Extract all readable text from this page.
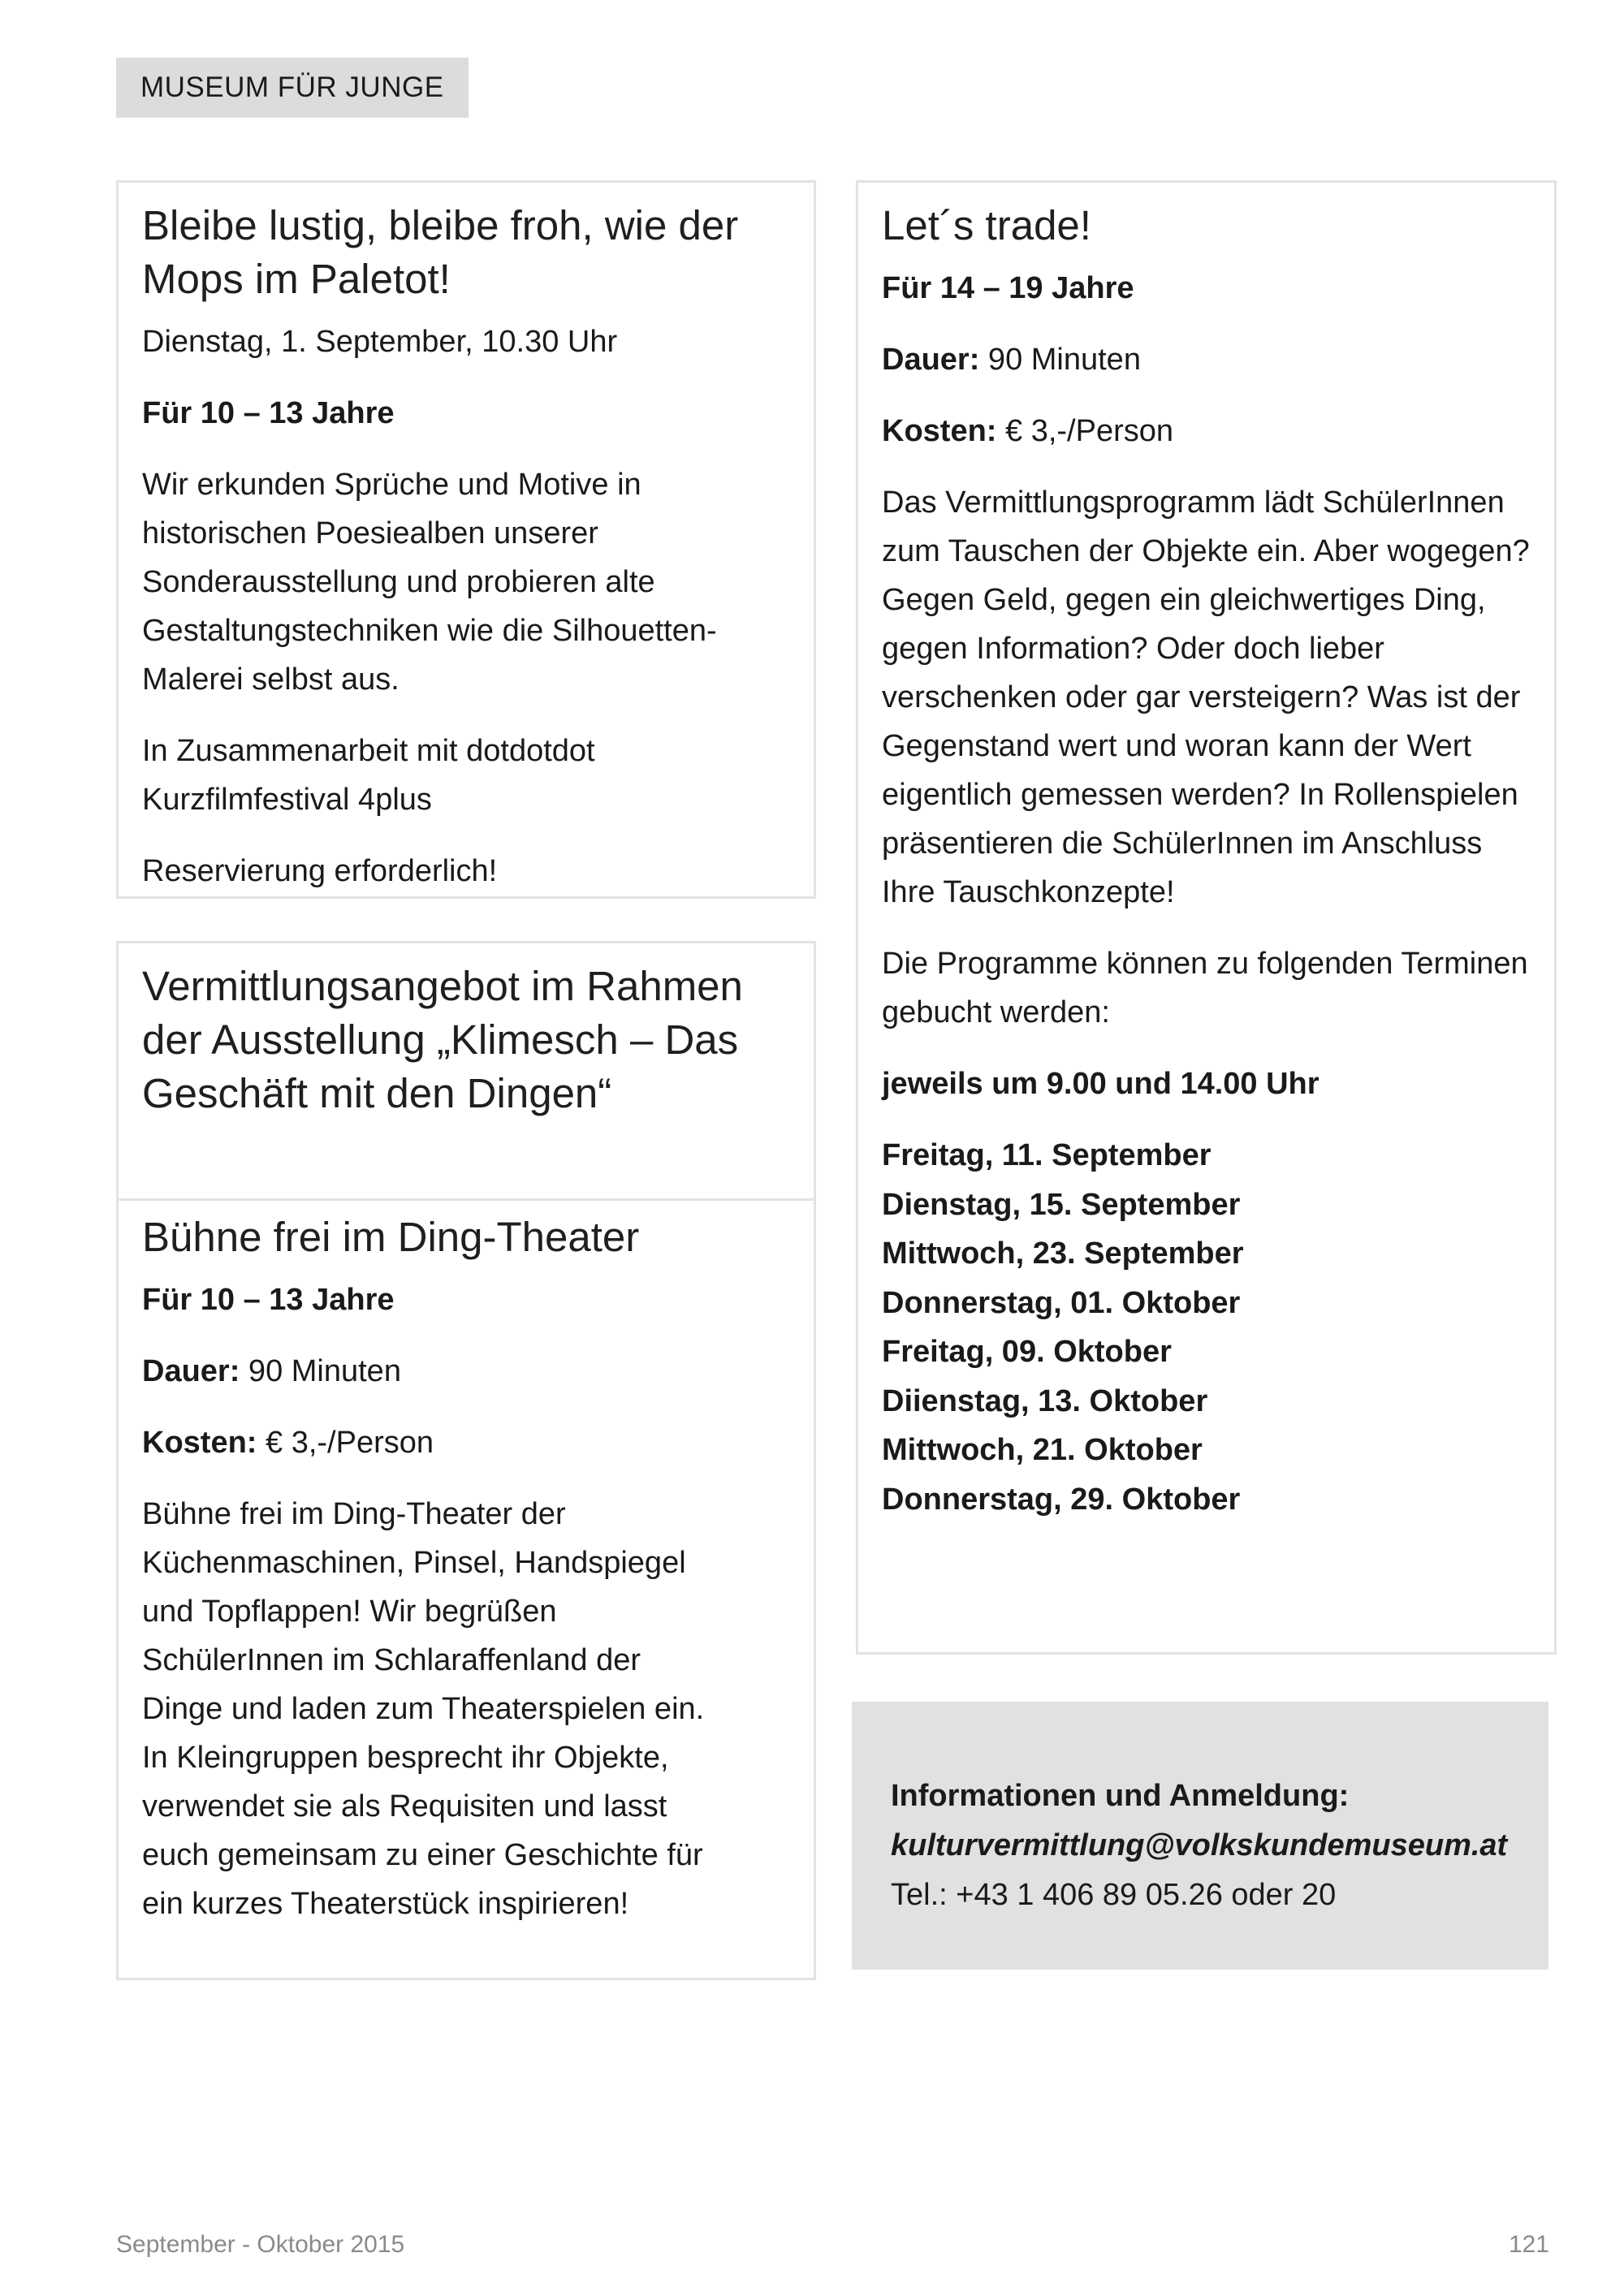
MUSEUM FÜR JUNGE
Bleibe lustig, bleibe froh, wie der Mops im Paletot!
Dienstag, 1. September, 10.30 Uhr
Für 10 – 13 Jahre
Wir erkunden Sprüche und Motive in historischen Poesiealben unserer Sonderausstellung und probieren alte Gestaltungstechniken wie die Silhouetten-Malerei selbst aus.
In Zusammenarbeit mit dotdotdot Kurzfilmfestival 4plus
Reservierung erforderlich!
Vermittlungsangebot im Rahmen der Ausstellung „Klimesch – Das Geschäft mit den Dingen“
Bühne frei im Ding-Theater
Für 10 – 13 Jahre
Dauer: 90 Minuten
Kosten: € 3,-/Person
Bühne frei im Ding-Theater der Küchenmaschinen, Pinsel, Handspiegel und Topflappen! Wir begrüßen SchülerInnen im Schlaraffenland der Dinge und laden zum Theaterspielen ein. In Kleingruppen besprecht ihr Objekte, verwendet sie als Requisiten und lasst euch gemeinsam zu einer Geschichte für ein kurzes Theaterstück inspirieren!
Let´s trade!
Für 14 – 19 Jahre
Dauer: 90 Minuten
Kosten: € 3,-/Person
Das Vermittlungsprogramm lädt SchülerInnen zum Tauschen der Objekte ein. Aber wogegen? Gegen Geld, gegen ein gleichwertiges Ding, gegen Information? Oder doch lieber verschenken oder gar versteigern? Was ist der Gegenstand wert und woran kann der Wert eigentlich gemessen werden? In Rollenspielen präsentieren die SchülerInnen im Anschluss Ihre Tauschkonzepte!
Die Programme können zu folgenden Terminen gebucht werden:
jeweils um 9.00 und 14.00 Uhr
Freitag, 11. September
Dienstag, 15. September
Mittwoch, 23. September
Donnerstag, 01. Oktober
Freitag, 09. Oktober
Diienstag, 13. Oktober
Mittwoch, 21. Oktober
Donnerstag, 29. Oktober
Informationen und Anmeldung:
kulturvermittlung@volkskundemuseum.at
Tel.: +43 1 406 89 05.26 oder 20
September - Oktober 2015	121
